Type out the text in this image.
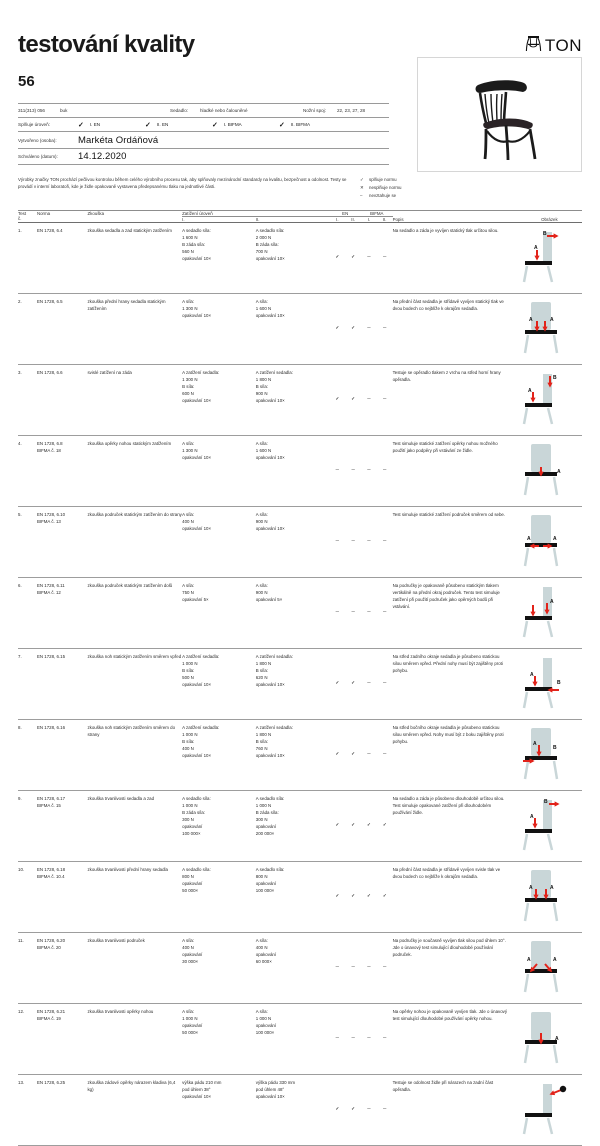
TON
testování kvality
56
311(313) 056	buk	Sedadlo:	hladké nebo čalouněné	Nožní spoj:	22, 23, 27, 28
Splňuje úroveň:	✓ I. EN	✓ II. EN	✓ I. BIFMA	✓ II. BIFMA
Vytvořeno (osoba):	Markéta Ordáňová
Schváleno (datum):	14.12.2020
Výrobky značky TON prochází pečlivou kontrolou během celého výrobního procesu tak, aby splňovaly mezinárodní standardy na kvalitu, bezpečnost a odolnost. Testy se provádí v interní laboratoři, kde je židle opakovaně vystavena předepsanému tlaku na jednotlivé části.
✓ splňuje normu
✕ nesplňuje normu
– nevztahuje se
Test
č.	Norma	Zkouška	Zatížení úroveň		EN		BIFMA		Popis	Obrázek
			I.	II.	I.	II.	I.	II.		
1.	EN 1728, 6.4	zkouška sedadla a zad statickým zatížením	A sedadlo síla:
1 600 N
B záda síla:
560 N
opakování 10×	A sedadlo síla:
2 000 N
B záda síla:
700 N
opakování 10×	✓	✓	–	–	Na sedadlo a záda je vyvíjen statický tlak určitou silou.	B
A

2.	EN 1728, 6.5	zkouška přední hrany sedadla statickým zatížením	A síla:
1 300 N
opakování 10×	A síla:
1 600 N
opakování 10×	✓	✓	–	–	Na přední část sedadla je střídavě vyvíjen statický tlak ve dvou bodech co nejblíže k okrajům sedadla.	A A

3.	EN 1728, 6.6	svislé zatížení na záda	A zatížení sedadla:
1 300 N
B síla:
600 N
opakování 10×	A zatížení sedadla:
1 800 N
B síla:
900 N
opakování 10×	✓	✓	–	–	Testuje se opěradlo tlakem z vrchu na střed horní hrany opěradla.	B
A

4.	EN 1728, 6.8
BIFMA č. 18	zkouška opěrky nohou statickým zatížením	A síla:
1 300 N
opakování 10×	A síla:
1 600 N
opakování 10×	–	–	–	–	Test simuluje statické zatížení opěrky nohou možného použití jako podpěry při vstávání ze židle.	A

5.	EN 1728, 6.10
BIFMA č. 13	zkouška područek statickým zatížením do strany	A síla:
400 N
opakování 10×	A síla:
900 N
opakování 10×	–	–	–	–	Test simuluje statické zatížení područek směrem od sebe.	A A

6.	EN 1728, 6.11
BIFMA č. 12	zkouška područek statickým zatížením dolů	A síla:
750 N
opakování 5×	A síla:
900 N
opakování 5×	–	–	–	–	Na područky je opakovaně působeno statickým tlakem vertikálně na přední okraj područek. Tento test simuluje zatížení při použití područek jako opěrných bodů při vstávání.	A

7.	EN 1728, 6.15	zkouška noh statickým zatížením směrem vpřed	A zatížení sedadla:
1 000 N
B síla:
500 N
opakování 10×	A zatížení sedadla:
1 800 N
B síla:
620 N
opakování 10×	✓	✓	–	–	Na střed zadního okraje sedadla je působeno statickou silou směrem vpřed. Přední nohy musí být zajištěny proti pohybu.	A
B

8.	EN 1728, 6.16	zkouška noh statickým zatížením směrem do strany	A zatížení sedadla:
1 000 N
B síla:
400 N
opakování 10×	A zatížení sedadla:
1 800 N
B síla:
760 N
opakování 10×	✓	✓	–	–	Na střed bočního okraje sedadla je působeno statickou silou směrem vpřed. Nohy musí být z boku zajištěny proti pohybu.	A
B

9.	EN 1728, 6.17
BIFMA č. 15
	zkouška trvanlivosti sedadla a zad	A sedadlo síla:
1 000 N
B záda síla:
300 N
opakování
100 000×

A sedadlo síla:
1 000 N
B záda síla:
300 N
opakování
200 000×
	✓	✓	✓	✓	Na sedadlo a záda je působeno dlouhodobě určitou silou. Test simuluje opakované zatížení při dlouhodobém používání židle.	
B
A

10.	EN 1728, 6.18
BIFMA č. 10.4	zkouška trvanlivosti přední hrany sedadla	A sedadlo síla:
800 N
opakování
50 000×	A sedadlo síla:
800 N
opakování
100 000×	✓	✓	✓	✓	Na přední část sedadla je střídavě vyvíjen svisle tlak ve dvou bodech co nejblíže k okrajům sedadla.	A A

11.	EN 1728, 6.20
BIFMA č. 20	zkouška trvanlivosti područek	A síla:
400 N
opakování
30 000×	A síla:
400 N
opakování
60 000×	–	–	–	–	Na područky je současně vyvíjen tlak silou pod úhlem 10°. Jde o únavový test simulující dlouhodobé používání područek.	A A

12.	EN 1728, 6.21
BIFMA č. 19	zkouška trvanlivosti opěrky nohou	A síla:
1 000 N
opakování
50 000×	A síla:
1 000 N
opakování
100 000×	–	–	–	–	Na opěrky nohou je opakovaně vyvíjen tlak. Jde o únavový test simulující dlouhodobé používání opěrky nohou.	A

13.	EN 1728, 6.25	zkouška zádové opěrky nárazem kladiva (6,4 kg)	výška pádu 210 mm
pod úhlem 38°
opakování 10×	výška pádu 330 mm
pod úhlem 48°
opakování 10×	✓	✓	–	–	Testuje se odolnost židle při nárazech na zadní část opěradla.	
